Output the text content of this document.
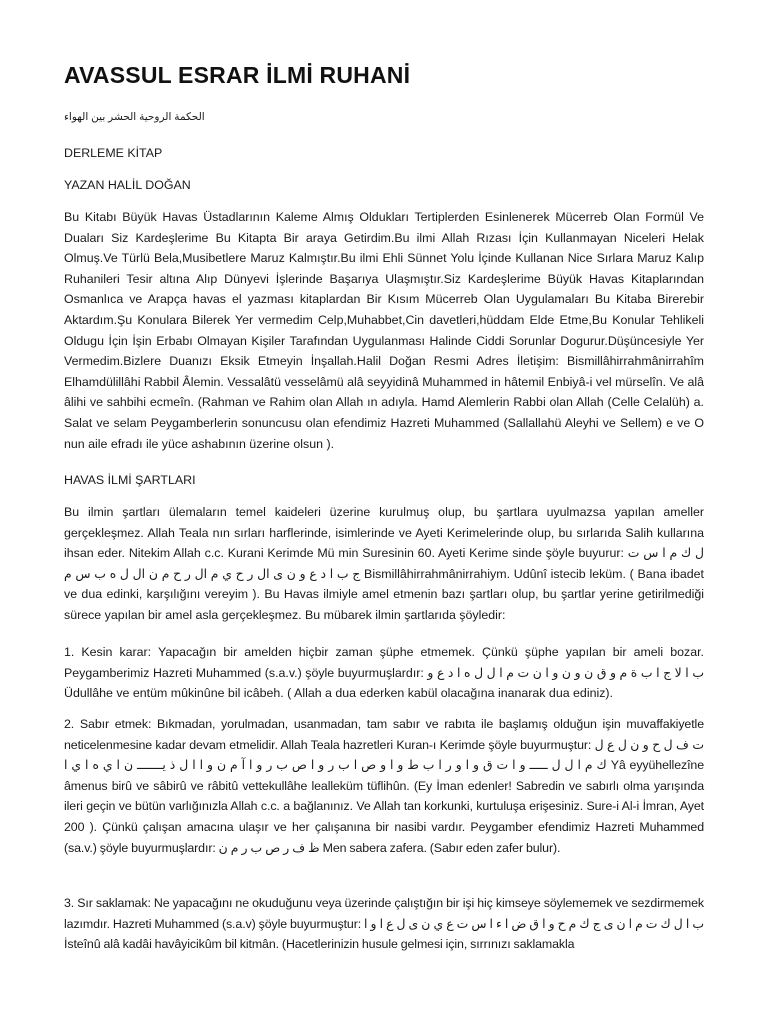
AVASSUL ESRAR İLMİ RUHANİ
الحكمة الروحية الحشر بين الهواء
DERLEME KİTAP
YAZAN HALİL DOĞAN

Bu Kitabı Büyük Havas Üstadlarının Kaleme Almış Oldukları Tertiplerden Esinlenerek Mücerreb Olan Formül Ve Duaları Siz Kardeşlerime Bu Kitapta Bir araya Getirdim.Bu ilmi Allah Rızası İçin Kullanmayan Niceleri Helak Olmuş.Ve Türlü Bela,Musibetlere Maruz Kalmıştır.Bu ilmi Ehli Sünnet Yolu İçinde Kullanan Nice Sırlara Maruz Kalıp Ruhanileri Tesir altına Alıp Dünyevi İşlerinde Başarıya Ulaşmıştır.Siz Kardeşlerime Büyük Havas Kitaplarından Osmanlıca ve Arapça havas el yazması kitaplardan Bir Kısım Mücerreb Olan Uygulamaları Bu Kitaba Birerebir Aktardım.Şu Konulara Bilerek Yer vermedim Celp,Muhabbet,Cin davetleri,hüddam Elde Etme,Bu Konular Tehlikeli Oldugu İçin İşin Erbabı Olmayan Kişiler Tarafından Uygulanması Halinde Ciddi Sorunlar Dogurur.Düşüncesiyle Yer Vermedim.Bizlere Duanızı Eksik Etmeyin İnşallah.Halil Doğan Resmi Adres İletişim: Bismillâhirrahmânirrahîm Elhamdülillâhi Rabbil Âlemin. Vessalâtü vesselâmü alâ seyyidinâ Muhammed in hâtemil Enbiyâ-i vel mürselîn. Ve alâ âlihi ve sahbihi ecmeîn. (Rahman ve Rahim olan Allah ın adıyla. Hamd Alemlerin Rabbi olan Allah (Celle Celalüh) a. Salat ve selam Peygamberlerin sonuncusu olan efendimiz Hazreti Muhammed (Sallallahü Aleyhi ve Sellem) e ve O nun aile efradı ile yüce ashabının üzerine olsun ).

HAVAS İLMİ ŞARTLARI

Bu ilmin şartları ülemaların temel kaideleri üzerine kurulmuş olup, bu şartlara uyulmazsa yapılan ameller gerçekleşmez. Allah Teala nın sırları harflerinde, isimlerinde ve Ayeti Kerimelerinde olup, bu sırlarıda Salih kullarına ihsan eder. Nitekim Allah c.c. Kurani Kerimde Mü min Suresinin 60. Ayeti Kerime sinde şöyle buyurur: ل ك م ا س ت ج ب ا د ع و ن ى ال ر ح ي م ال ر ح م ن ال ل ه ب س م Bismillâhirrahmânirrahiym. Udûnî istecib leküm. ( Bana ibadet ve dua edinki, karşılığını vereyim ). Bu Havas ilmiyle amel etmenin bazı şartları olup, bu şartlar yerine getirilmediği sürece yapılan bir amel asla gerçekleşmez. Bu mübarek ilmin şartlarıda şöyledir:

1. Kesin karar: Yapacağın bir amelden hiçbir zaman şüphe etmemek. Çünkü şüphe yapılan bir ameli bozar. Peygamberimiz Hazreti Muhammed (s.a.v.) şöyle buyurmuşlardır: ب ا لا ج ا ب ة م و ق ن و ن و ا ن ت م ا ل ل ه ا د ع و Üdullâhe ve entüm mûkinûne bil icâbeh. ( Allah a dua ederken kabül olacağına inanarak dua ediniz).

2. Sabır etmek: Bıkmadan, yorulmadan, usanmadan, tam sabır ve rabıta ile başlamış olduğun işin muvaffakiyetle neticelenmesine kadar devam etmelidir. Allah Teala hazretleri Kuran-ı Kerimde şöyle buyurmuştur: ت ف ل ح و ن ل ع ل ك م ا ل ل ـــــ و ا ت ق و ا و ر ا ب ط و ا و ص ا ب ر و ا ص ب ر و ا آ م ن و ا ا ل ذ يـــــــ ن ا ي ه ا ي ا Yâ eyyühellezîne âmenus birû ve sâbirû ve râbitû vettekullâhe lealleküm tüflihûn. (Ey İman edenler! Sabredin ve sabırlı olma yarışında ileri geçin ve bütün varlığınızla Allah c.c. a bağlanınız. Ve Allah tan korkunki, kurtuluşa erişesiniz. Sure-i Al-i İmran, Ayet 200 ). Çünkü çalışan amacına ulaşır ve her çalışanına bir nasibi vardır. Peygamber efendimiz Hazreti Muhammed (sa.v.) şöyle buyurmuşlardır: ظ ف ر ص ب ر م ن Men sabera zafera. (Sabır eden zafer bulur).

3. Sır saklamak: Ne yapacağını ne okuduğunu veya üzerinde çalıştığın bir işi hiç kimseye söylememek ve sezdirmemek lazımdır. Hazreti Muhammed (s.a.v) şöyle buyurmuştur: ب ا ل ك ت م ا ن ى ج ك م ح و ا ق ض ا ء ا س ت ع ي ن ى ل ع ا و ا İsteînû alâ kadâi havâyicikûm bil kitmân. (Hacetlerinizin husule gelmesi için, sırrınızı saklamakla
